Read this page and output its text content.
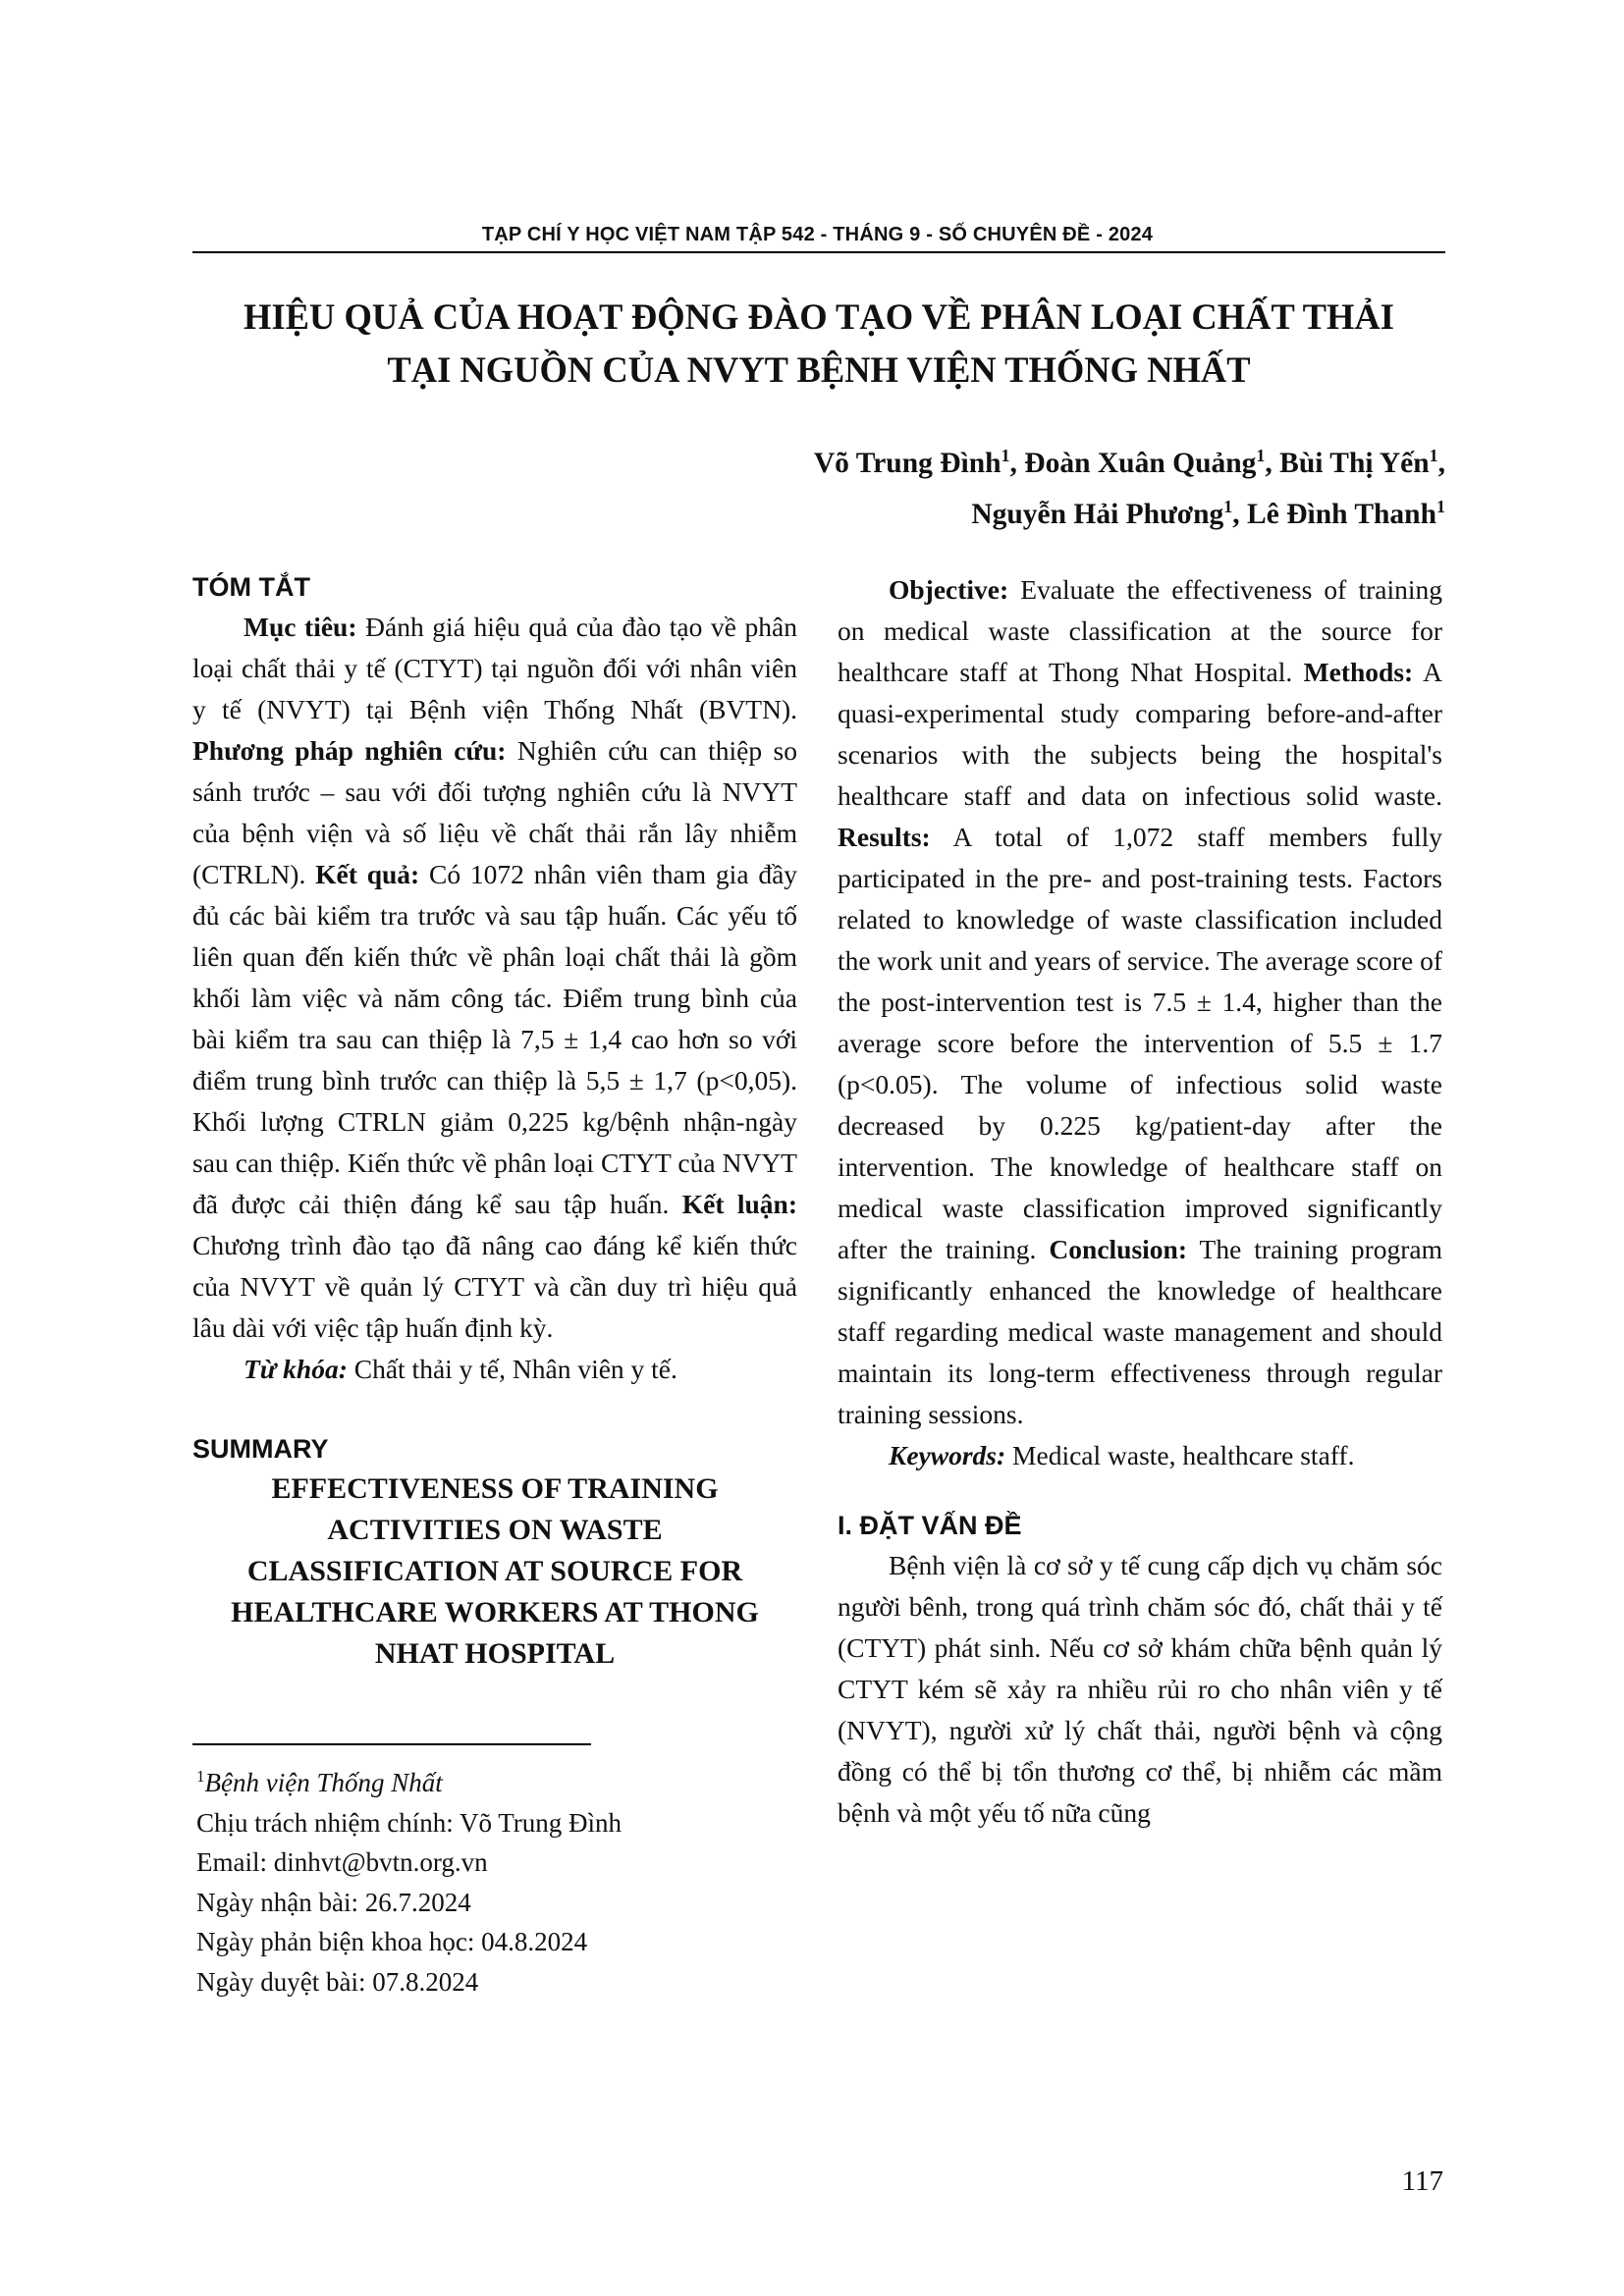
TẠP CHÍ Y HỌC VIỆT NAM TẬP 542 - THÁNG 9 - SỐ CHUYÊN ĐỀ - 2024
HIỆU QUẢ CỦA HOẠT ĐỘNG ĐÀO TẠO VỀ PHÂN LOẠI CHẤT THẢI
TẠI NGUỒN CỦA NVYT BỆNH VIỆN THỐNG NHẤT
Võ Trung Đình$^1$, Đoàn Xuân Quảng$^1$, Bùi Thị Yến$^1$,
Nguyễn Hải Phương$^1$, Lê Đình Thanh$^1$
TÓM TẮT

Mục tiêu: Đánh giá hiệu quả của đào tạo về phân loại chất thải y tế (CTYT) tại nguồn đối với nhân viên y tế (NVYT) tại Bệnh viện Thống Nhất (BVTN). Phương pháp nghiên cứu: Nghiên cứu can thiệp so sánh trước – sau với đối tượng nghiên cứu là NVYT của bệnh viện và số liệu về chất thải rắn lây nhiễm (CTRLN). Kết quả: Có 1072 nhân viên tham gia đầy đủ các bài kiểm tra trước và sau tập huấn. Các yếu tố liên quan đến kiến thức về phân loại chất thải là gồm khối làm việc và năm công tác. Điểm trung bình của bài kiểm tra sau can thiệp là 7,5 ± 1,4 cao hơn so với điểm trung bình trước can thiệp là 5,5 ± 1,7 (p<0,05). Khối lượng CTRLN giảm 0,225 kg/bệnh nhận-ngày sau can thiệp. Kiến thức về phân loại CTYT của NVYT đã được cải thiện đáng kể sau tập huấn. Kết luận: Chương trình đào tạo đã nâng cao đáng kể kiến thức của NVYT về quản lý CTYT và cần duy trì hiệu quả lâu dài với việc tập huấn định kỳ.

Từ khóa: Chất thải y tế, Nhân viên y tế.

SUMMARY

EFFECTIVENESS OF TRAINING

ACTIVITIES ON WASTE

CLASSIFICATION AT SOURCE FOR

HEALTHCARE WORKERS AT THONG

NHAT HOSPITAL

$^1$Bệnh viện Thống Nhất
Chịu trách nhiệm chính: Võ Trung Đình
Email: dinhvt@bvtn.org.vn
Ngày nhận bài: 26.7.2024
Ngày phản biện khoa học: 04.8.2024
Ngày duyệt bài: 07.8.2024

Objective: Evaluate the effectiveness of training on medical waste classification at the source for healthcare staff at Thong Nhat Hospital. Methods: A quasi-experimental study comparing before-and-after scenarios with the subjects being the hospital's healthcare staff and data on infectious solid waste. Results: A total of 1,072 staff members fully participated in the pre- and post-training tests. Factors related to knowledge of waste classification included the work unit and years of service. The average score of the post-intervention test is 7.5 ± 1.4, higher than the average score before the intervention of 5.5 ± 1.7 (p<0.05). The volume of infectious solid waste decreased by 0.225 kg/patient-day after the intervention. The knowledge of healthcare staff on medical waste classification improved significantly after the training. Conclusion: The training program significantly enhanced the knowledge of healthcare staff regarding medical waste management and should maintain its long-term effectiveness through regular training sessions.

Keywords: Medical waste, healthcare staff.

I. ĐẶT VẤN ĐỀ

Bệnh viện là cơ sở y tế cung cấp dịch vụ chăm sóc người bênh, trong quá trình chăm sóc đó, chất thải y tế (CTYT) phát sinh. Nếu cơ sở khám chữa bệnh quản lý CTYT kém sẽ xảy ra nhiều rủi ro cho nhân viên y tế (NVYT), người xử lý chất thải, người bệnh và cộng đồng có thể bị tổn thương cơ thể, bị nhiễm các mầm bệnh và một yếu tố nữa cũng

117
